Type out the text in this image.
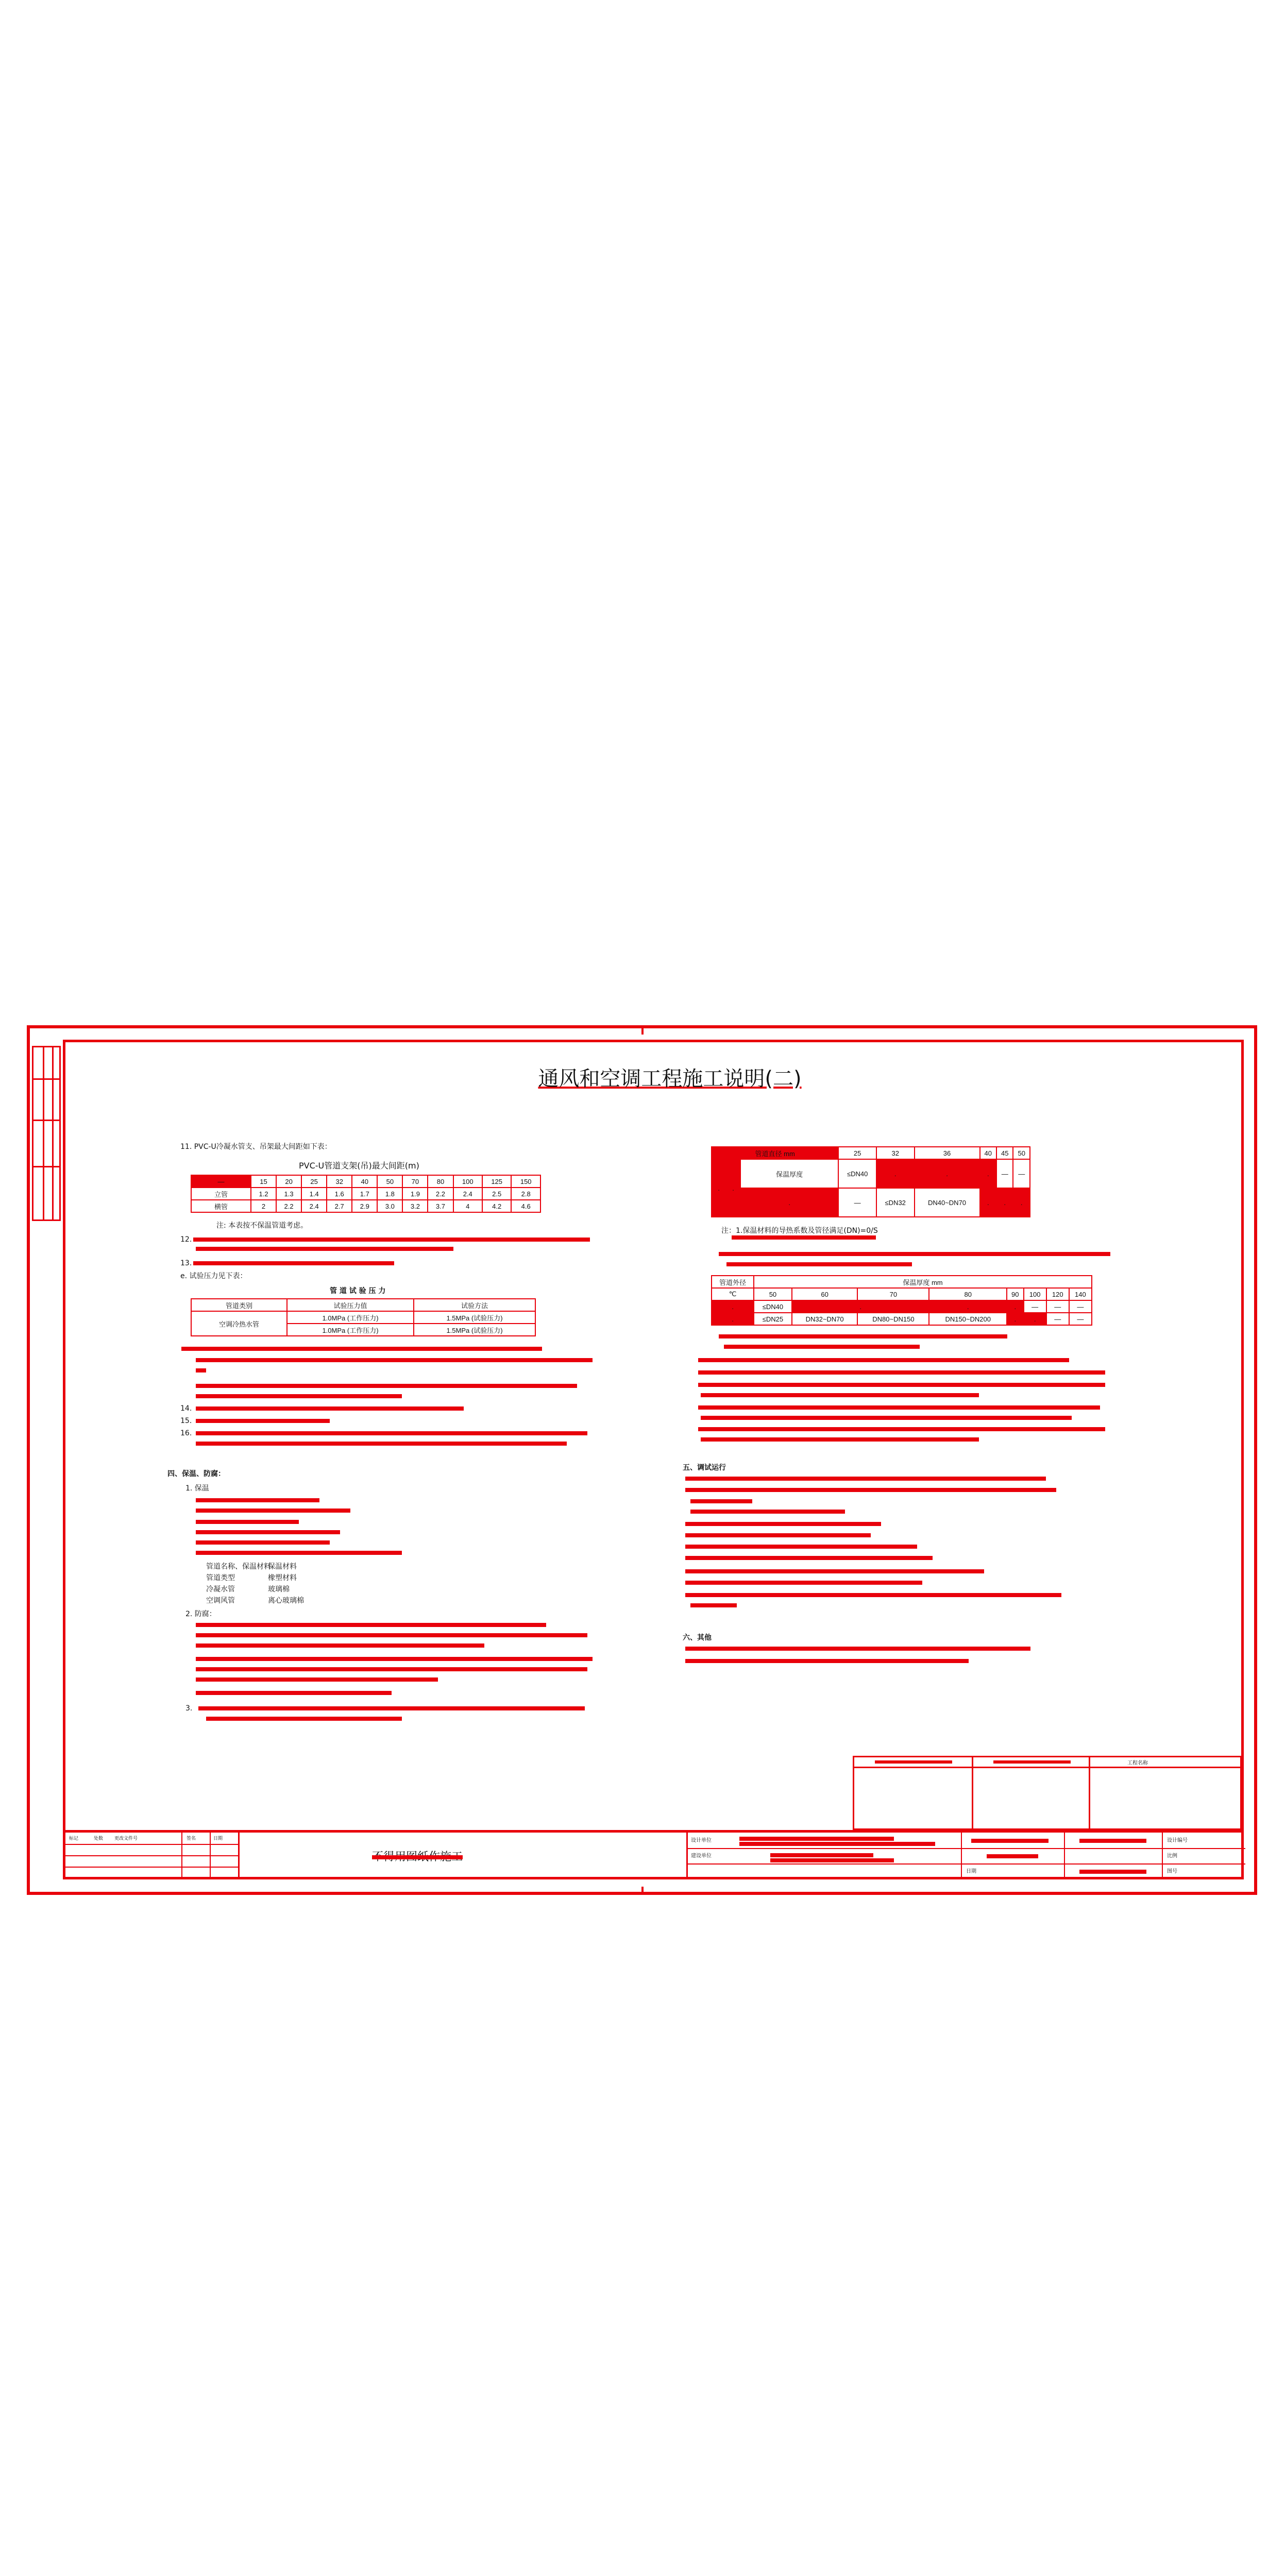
通风和空调工程施工说明(二)
11. PVC-U冷凝水管支、吊架最大间距如下表：
PVC-U管道支架(吊)最大间距(m)
—	15	20	25	32	40	50	70	80	100	125	150
立管	1.2	1.3	1.4	1.6	1.7	1.8	1.9	2.2	2.4	2.5	2.8
横管	2	2.2	2.4	2.7	2.9	3.0	3.2	3.7	4	4.2	4.6
注: 本表按不保温管道考虑。
12.
13.
e. 试验压力见下表：
管 道 试 验 压 力
管道类别	试验压力值	试验方法
空调冷热水管	1.0MPa (工作压力)	1.5MPa (试验压力)
	1.0MPa (工作压力)	1.5MPa (试验压力)
14.
15.
16.
四、保温、防腐：
1. 保温
管道名称、保温材料
保温材料
管道类型	橡塑材料
冷凝水管	玻璃棉
空调风管	离心玻璃棉
2. 防腐：
3.
管道直径 mm			25	32	36	40	45	50
.	.	保温厚度	≤DN40	.	.	.	—	—
		.	—	≤DN32	DN40~DN70	.	.	.
注：1.保温材料的导热系数及管径满足(DN)=0/S
管道外径	保温厚度 mm							
℃	50	60	70	80	90	100	120	140
.	≤DN40	.		.	.	—	—	—
.	≤DN25	DN32~DN70	DN80~DN150	DN150~DN200	.	.	—	—
五、调试运行
六、其他
工程名称
标记	处数 更改文件号	签名	日期
不得用图纸作施工
设计单位
建设单位
日期
设计编号
比例
图号
